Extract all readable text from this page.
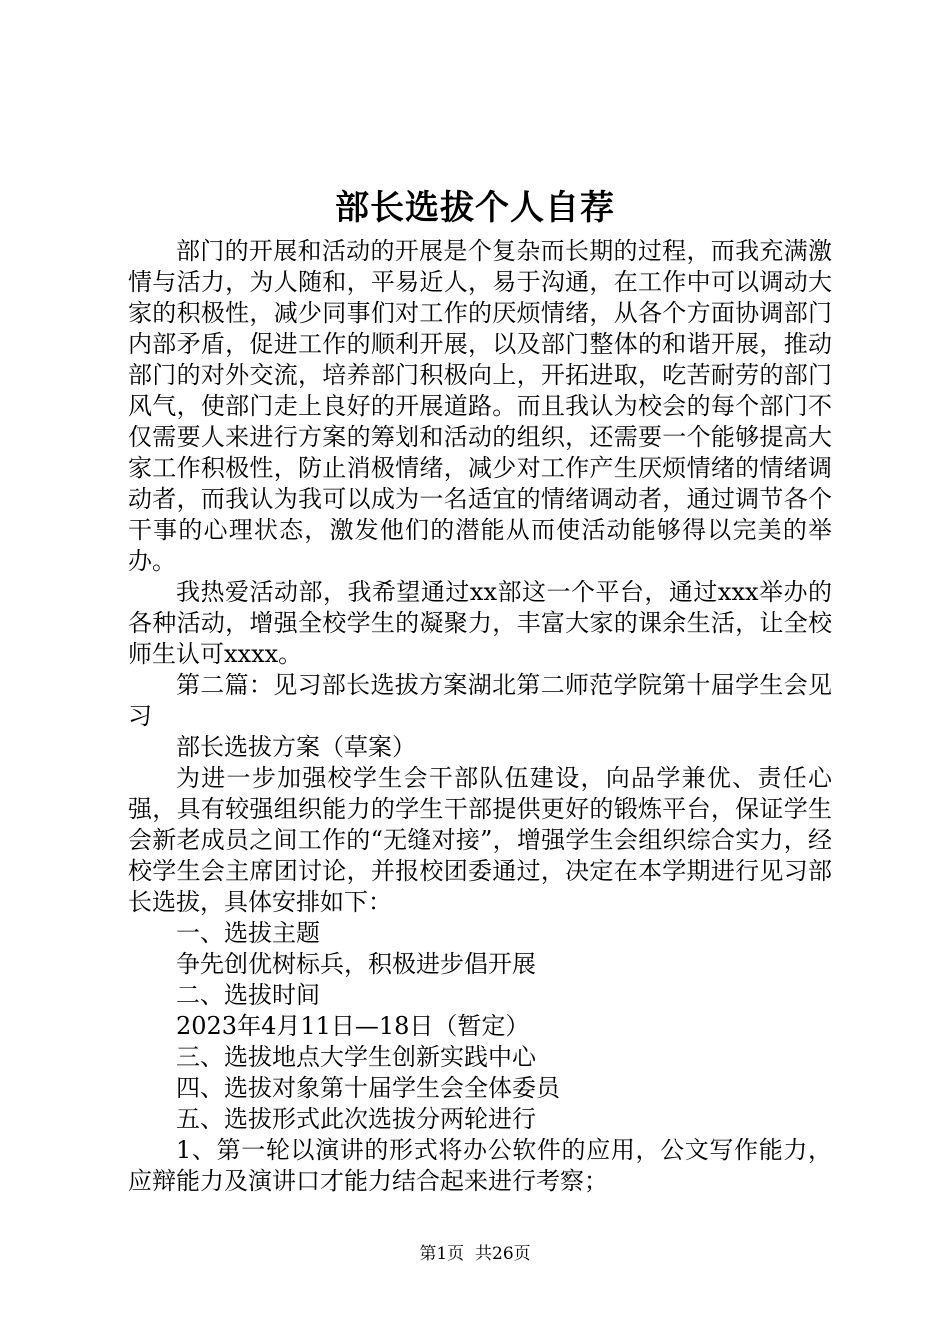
部长选拔个人自荐

部门的开展和活动的开展是个复杂而长期的过程，而我充满激情与活力，为人随和，平易近人，易于沟通，在工作中可以调动大家的积极性，减少同事们对工作的厌烦情绪，从各个方面协调部门内部矛盾，促进工作的顺利开展，以及部门整体的和谐开展，推动部门的对外交流，培养部门积极向上，开拓进取，吃苦耐劳的部门风气，使部门走上良好的开展道路。而且我认为校会的每个部门不仅需要人来进行方案的筹划和活动的组织，还需要一个能够提高大家工作积极性，防止消极情绪，减少对工作产生厌烦情绪的情绪调动者，而我认为我可以成为一名适宜的情绪调动者，通过调节各个干事的心理状态，激发他们的潜能从而使活动能够得以完美的举办。

我热爱活动部，我希望通过xx部这一个平台，通过xxx举办的各种活动，增强全校学生的凝聚力，丰富大家的课余生活，让全校师生认可xxxx。

第二篇：见习部长选拔方案湖北第二师范学院第十届学生会见习

部长选拔方案（草案）

为进一步加强校学生会干部队伍建设，向品学兼优、责任心强，具有较强组织能力的学生干部提供更好的锻炼平台，保证学生会新老成员之间工作的“无缝对接”，增强学生会组织综合实力，经校学生会主席团讨论，并报校团委通过，决定在本学期进行见习部长选拔，具体安排如下：

一、选拔主题

争先创优树标兵，积极进步倡开展

二、选拔时间

2023年4月11日—18日（暂定）

三、选拔地点大学生创新实践中心

四、选拔对象第十届学生会全体委员

五、选拔形式此次选拔分两轮进行

1、第一轮以演讲的形式将办公软件的应用，公文写作能力，应辩能力及演讲口才能力结合起来进行考察；

第1页 共26页
